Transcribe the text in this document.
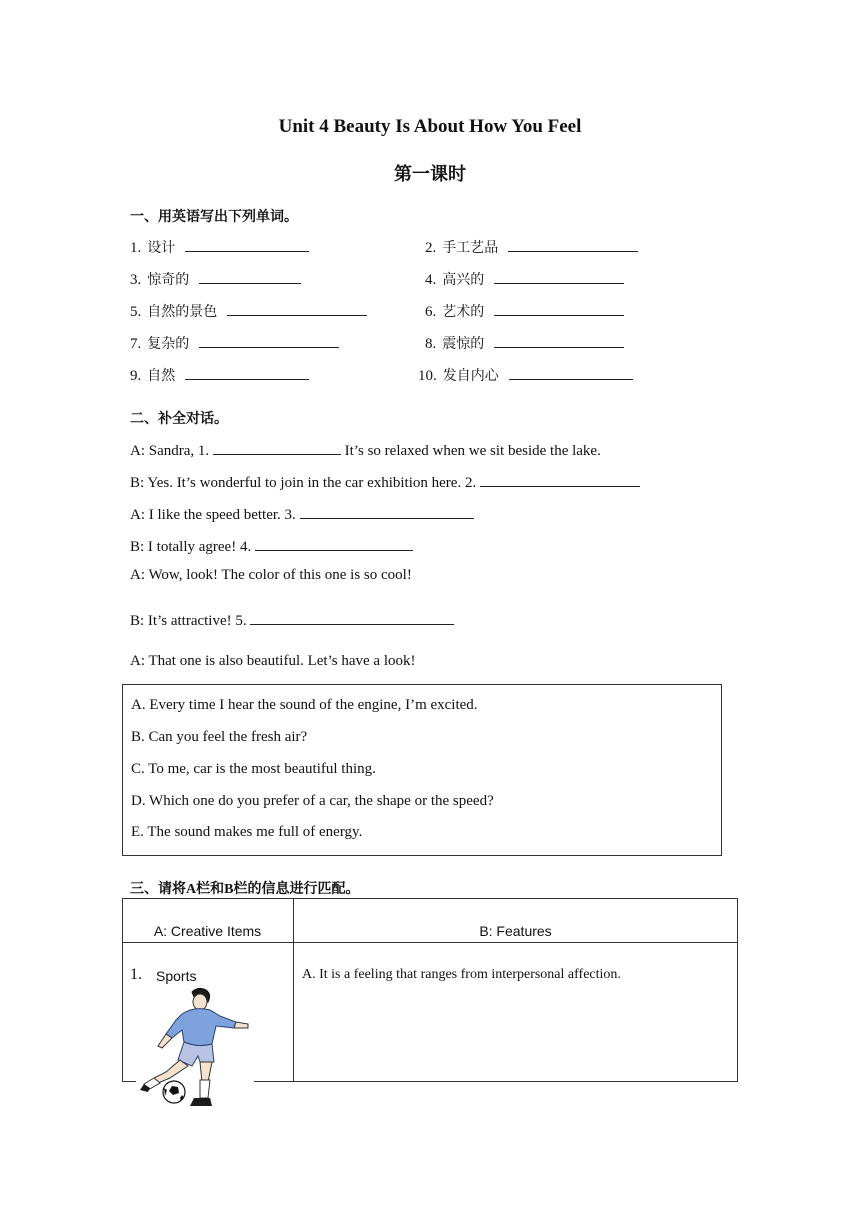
Unit 4 Beauty Is About How You Feel
第一课时
一、用英语写出下列单词。
1. 设计	2. 手工艺品
3. 惊奇的	4. 高兴的
5. 自然的景色	6. 艺术的
7. 复杂的	8. 震惊的
9. 自然	10. 发自内心
二、补全对话。
A: Sandra, 1.	It’s so relaxed when we sit beside the lake.
B: Yes. It’s wonderful to join in the car exhibition here. 2.
A: I like the speed better. 3.
B: I totally agree! 4.
A: Wow, look! The color of this one is so cool!
B: It’s attractive! 5.
A: That one is also beautiful. Let’s have a look!
A. Every time I hear the sound of the engine, I’m excited.
B. Can you feel the fresh air?
C. To me, car is the most beautiful thing.
D. Which one do you prefer of a car, the shape or the speed?
E. The sound makes me full of energy.
三、请将A栏和B栏的信息进行匹配。
A: Creative Items	B: Features
1. Sports	A. It is a feeling that ranges from interpersonal affection.
